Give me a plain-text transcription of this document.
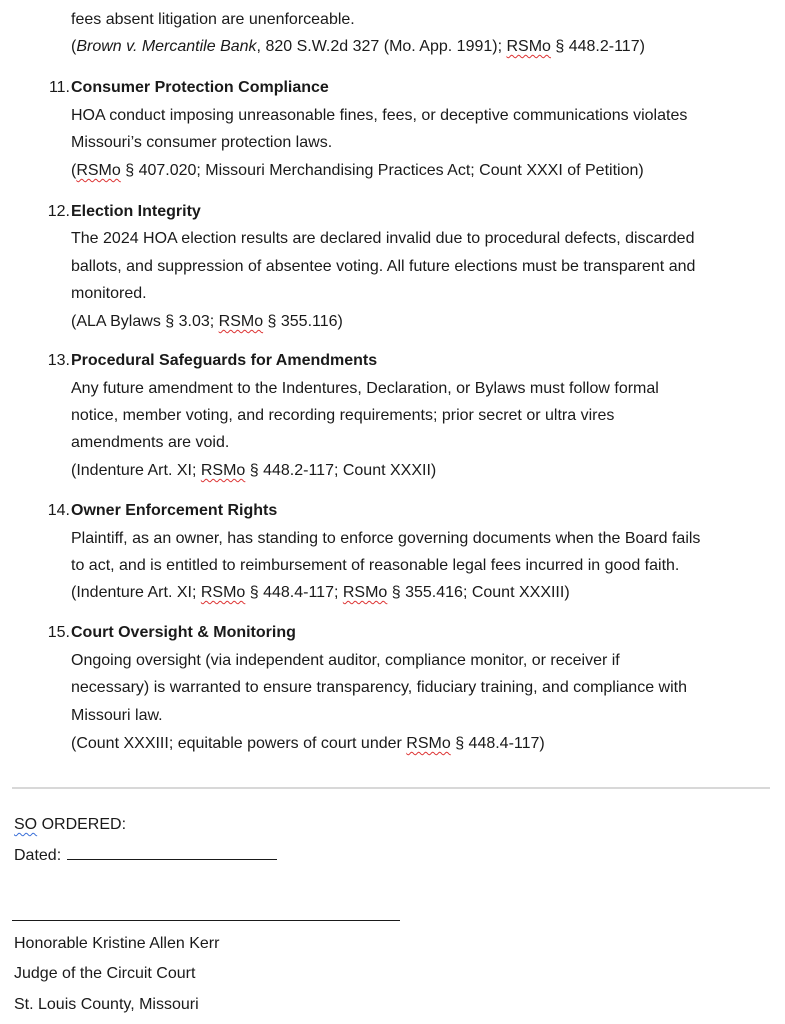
fees absent litigation are unenforceable.
(Brown v. Mercantile Bank, 820 S.W.2d 327 (Mo. App. 1991); RSMo § 448.2-117)
11. Consumer Protection Compliance
HOA conduct imposing unreasonable fines, fees, or deceptive communications violates
Missouri’s consumer protection laws.
(RSMo § 407.020; Missouri Merchandising Practices Act; Count XXXI of Petition)
12. Election Integrity
The 2024 HOA election results are declared invalid due to procedural defects, discarded
ballots, and suppression of absentee voting. All future elections must be transparent and
monitored.
(ALA Bylaws § 3.03; RSMo § 355.116)
13. Procedural Safeguards for Amendments
Any future amendment to the Indentures, Declaration, or Bylaws must follow formal
notice, member voting, and recording requirements; prior secret or ultra vires
amendments are void.
(Indenture Art. XI; RSMo § 448.2-117; Count XXXII)
14. Owner Enforcement Rights
Plaintiff, as an owner, has standing to enforce governing documents when the Board fails
to act, and is entitled to reimbursement of reasonable legal fees incurred in good faith.
(Indenture Art. XI; RSMo § 448.4-117; RSMo § 355.416; Count XXXIII)
15. Court Oversight & Monitoring
Ongoing oversight (via independent auditor, compliance monitor, or receiver if
necessary) is warranted to ensure transparency, fiduciary training, and compliance with
Missouri law.
(Count XXXIII; equitable powers of court under RSMo § 448.4-117)
SO ORDERED:
Dated:
Honorable Kristine Allen Kerr
Judge of the Circuit Court
St. Louis County, Missouri
